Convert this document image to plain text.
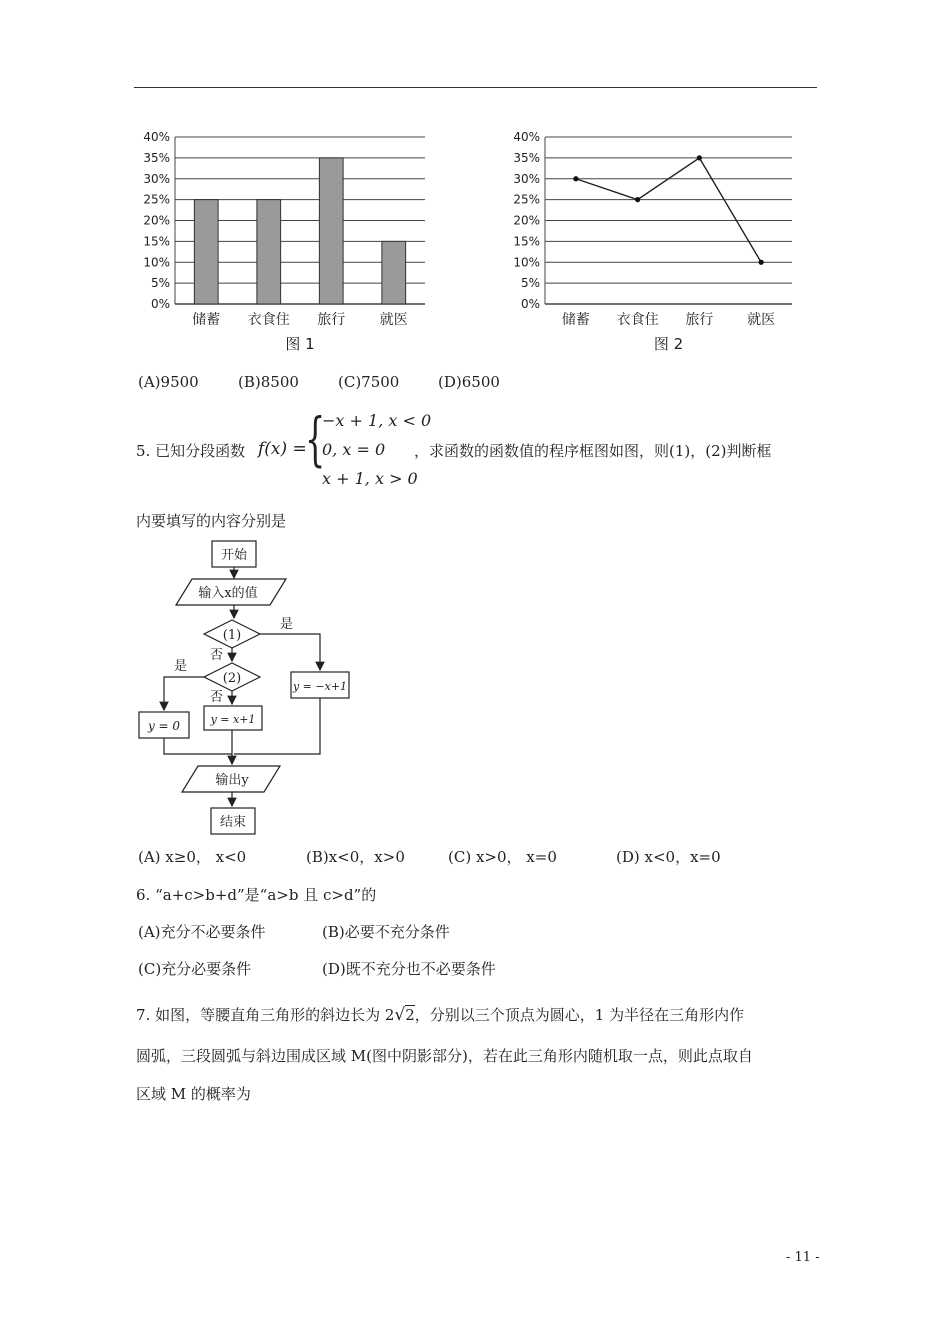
0%
5%
10%
15%
20%
25%
30%
35%
40%
储蓄 衣食住 旅行 就医
图 1
0%
5%
10%
15%
20%
25%
30%
35%
40%
储蓄 衣食住 旅行 就医
图 2
(A)9500	(B)8500	(C)7500	(D)6500
5. 已知分段函数 f(x) =
{
−x + 1, x < 0
0, x = 0
x + 1, x > 0
，求函数的函数值的程序框图如图，则(1)，(2)判断框
内要填写的内容分别是
开始
输入x的值
(1)
(2)
是
否
是
否
y = −x+1
y = 0	y = x+1
输出y
结束
(A) x≥0， x<0	(B)x<0，x>0	(C) x>0， x=0	(D) x<0，x=0
6. “a+c>b+d”是“a>b 且 c>d”的
(A)充分不必要条件	(B)必要不充分条件
(C)充分必要条件	(D)既不充分也不必要条件
7. 如图，等腰直角三角形的斜边长为 2√2，分别以三个顶点为圆心，1 为半径在三角形内作
圆弧，三段圆弧与斜边围成区域 M(图中阴影部分)，若在此三角形内随机取一点，则此点取自
区域 M 的概率为
- 11 -
